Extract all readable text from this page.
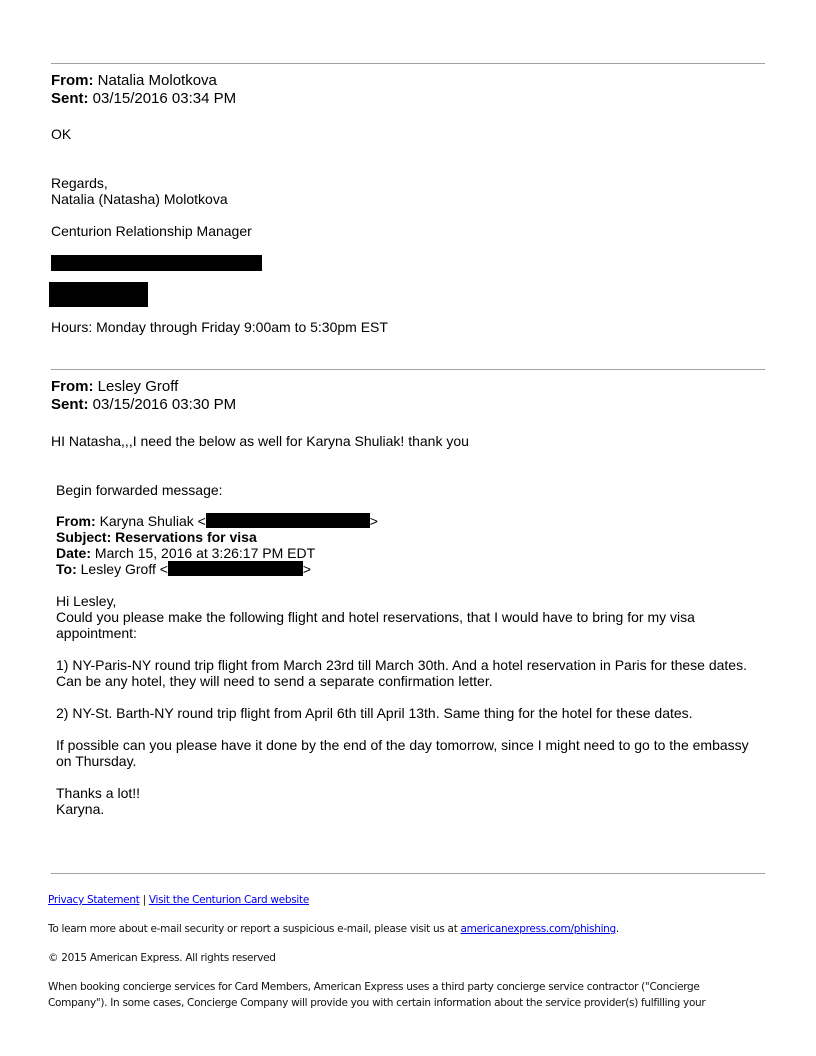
From: Natalia Molotkova
Sent: 03/15/2016 03:34 PM
OK
Regards,
Natalia (Natasha) Molotkova
Centurion Relationship Manager
Hours: Monday through Friday 9:00am to 5:30pm EST
From: Lesley Groff
Sent: 03/15/2016 03:30 PM
HI Natasha,,,I need the below as well for Karyna Shuliak! thank you
Begin forwarded message:
From: Karyna Shuliak <	>
Subject: Reservations for visa
Date: March 15, 2016 at 3:26:17 PM EDT
To: Lesley Groff <	>
Hi Lesley,
Could you please make the following flight and hotel reservations, that I would have to bring for my visa
appointment:
1) NY-Paris-NY round trip flight from March 23rd till March 30th. And a hotel reservation in Paris for these dates.
Can be any hotel, they will need to send a separate confirmation letter.
2) NY-St. Barth-NY round trip flight from April 6th till April 13th. Same thing for the hotel for these dates.
If possible can you please have it done by the end of the day tomorrow, since I might need to go to the embassy
on Thursday.
Thanks a lot!!
Karyna.
Privacy Statement | Visit the Centurion Card website
To learn more about e-mail security or report a suspicious e-mail, please visit us at americanexpress.com/phishing.
© 2015 American Express. All rights reserved
When booking concierge services for Card Members, American Express uses a third party concierge service contractor ("Concierge
Company"). In some cases, Concierge Company will provide you with certain information about the service provider(s) fulfilling your
